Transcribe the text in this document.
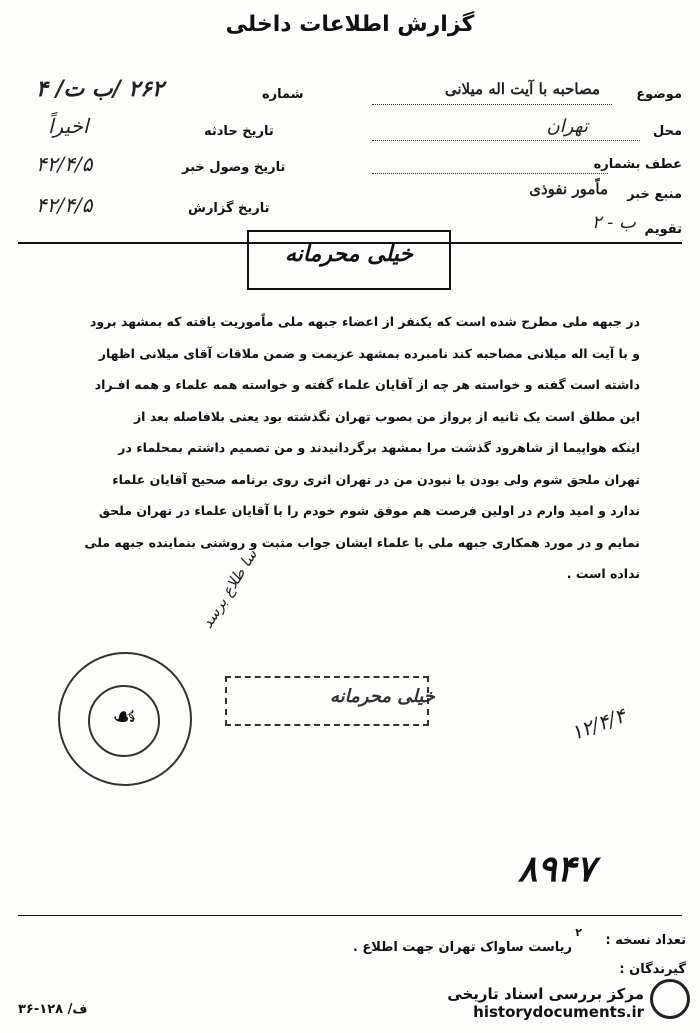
گزارش اطلاعات داخلی
موضوع
مصاحبه با آیت اله میلانی
محل
تهران
عطف بشماره
منبع خبر
ماًمور نفوذی
تقویم
ب - ۲
شماره
۲۶۲ /ب ت/ ۴
تاریخ حادثه
اخیراً
تاریخ وصول خبر
۴۲/۴/۵
تاریخ گزارش
۴۲/۴/۵
خیلی محرمانه

در جبهه ملی مطرح شده است که یکنفر از اعضاء جبهه ملی ماًموریت یافته که بمشهد برود

و با آیت اله میلانی مصاحبه کند نامبرده بمشهد عزیمت و ضمن ملاقات آقای میلانی اظهار

داشته است گفته و خواسته هر چه از آقایان علماء گفته و خواسته همه علماء و همه افـراد

این مطلق است یک ثانیه از پرواز من بصوب تهران نگذشته بود یعنی بلافاصله بعد از

اینکه هواپیما از شاهرود گذشت مرا بمشهد برگردانیدند و من تصمیم داشتم بمحلماء در

تهران ملحق شوم ولی بودن یا نبودن من در تهران اثری روی برنامه صحیح آقایان علماء

ندارد و امید وارم در اولین فرصت هم موفق شوم خودم را با آقایان علماء در تهران ملحق

نمایم و در مورد همکاری جبهه ملی با علماء ایشان جواب مثبت و روشنی بنماینده جبهه ملی

نداده است .

☙
سا طلاع برسد
خیلی محرمانه
۱۲/۴/۴
۸۹۴۷
تعداد نسخه :
۲
ریاست ساواک تهران جهت اطلاع .
گیرندگان :
ف/ ۱۲۸-۳۶
مرکز بررسی اسناد تاریخی
historydocuments.ir
